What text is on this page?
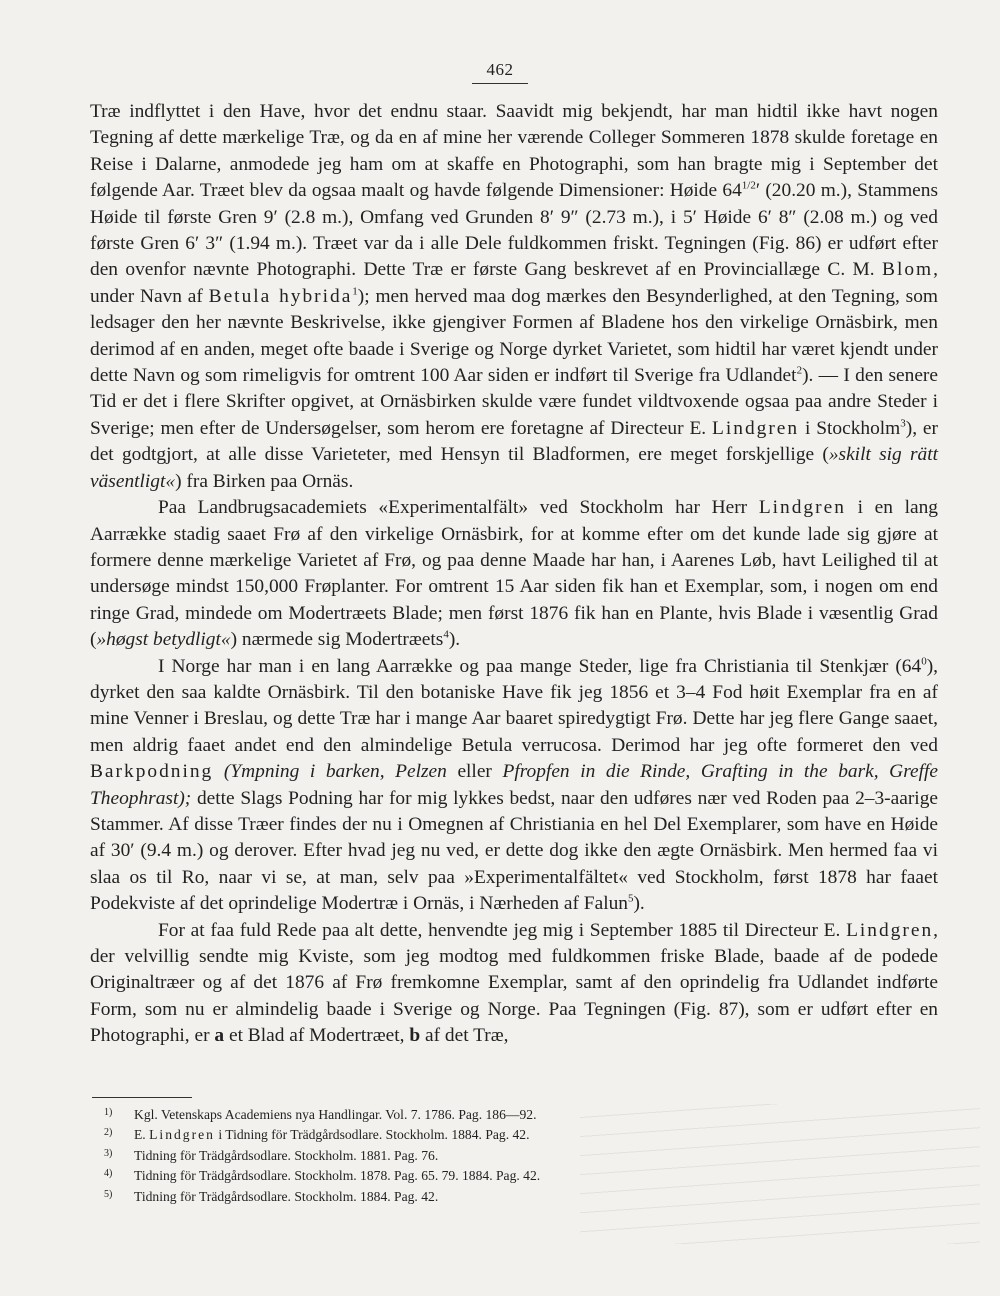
462

Træ indflyttet i den Have, hvor det endnu staar. Saavidt mig bekjendt, har man hidtil ikke havt nogen Tegning af dette mærkelige Træ, og da en af mine her værende Colleger Sommeren 1878 skulde foretage en Reise i Dalarne, anmodede jeg ham om at skaffe en Photographi, som han bragte mig i September det følgende Aar. Træet blev da ogsaa maalt og havde følgende Dimensioner: Høide $64^{1/2}'$ (20.20 m.), Stammens Høide til første Gren 9′ (2.8 m.), Omfang ved Grunden 8′ 9″ (2.73 m.), i 5′ Høide 6′ 8″ (2.08 m.) og ved første Gren 6′ 3″ (1.94 m.). Træet var da i alle Dele fuldkommen friskt. Tegningen (Fig. 86) er udført efter den ovenfor nævnte Photographi. Dette Træ er første Gang beskrevet af en Provinciallæge C. M. Blom, under Navn af Betula hybrida$^1$); men herved maa dog mærkes den Besynderlighed, at den Tegning, som ledsager den her nævnte Beskrivelse, ikke gjengiver Formen af Bladene hos den virkelige Ornäsbirk, men derimod af en anden, meget ofte baade i Sverige og Norge dyrket Varietet, som hidtil har været kjendt under dette Navn og som rimeligvis for omtrent 100 Aar siden er indført til Sverige fra Udlandet$^2$). — I den senere Tid er det i flere Skrifter opgivet, at Ornäsbirken skulde være fundet vildtvoxende ogsaa paa andre Steder i Sverige; men efter de Undersøgelser, som herom ere foretagne af Directeur E. Lindgren i Stockholm$^3$), er det godtgjort, at alle disse Varieteter, med Hensyn til Bladformen, ere meget forskjellige (»skilt sig rätt väsentligt«) fra Birken paa Ornäs.

Paa Landbrugsacademiets «Experimentalfält» ved Stockholm har Herr Lindgren i en lang Aarrække stadig saaet Frø af den virkelige Ornäsbirk, for at komme efter om det kunde lade sig gjøre at formere denne mærkelige Varietet af Frø, og paa denne Maade har han, i Aarenes Løb, havt Leilighed til at undersøge mindst 150,000 Frøplanter. For omtrent 15 Aar siden fik han et Exemplar, som, i nogen om end ringe Grad, mindede om Modertræets Blade; men først 1876 fik han en Plante, hvis Blade i væsentlig Grad (»høgst betydligt«) nærmede sig Modertræets$^4$).

I Norge har man i en lang Aarrække og paa mange Steder, lige fra Christiania til Stenkjær $(64^0)$, dyrket den saa kaldte Ornäsbirk. Til den botaniske Have fik jeg 1856 et 3–4 Fod høit Exemplar fra en af mine Venner i Breslau, og dette Træ har i mange Aar baaret spiredygtigt Frø. Dette har jeg flere Gange saaet, men aldrig faaet andet end den almindelige Betula verrucosa. Derimod har jeg ofte formeret den ved Barkpodning (Ympning i barken, Pelzen eller Pfropfen in die Rinde, Grafting in the bark, Greffe Theophrast); dette Slags Podning har for mig lykkes bedst, naar den udføres nær ved Roden paa 2–3-aarige Stammer. Af disse Træer findes der nu i Omegnen af Christiania en hel Del Exemplarer, som have en Høide af 30′ (9.4 m.) og derover. Efter hvad jeg nu ved, er dette dog ikke den ægte Ornäsbirk. Men hermed faa vi slaa os til Ro, naar vi se, at man, selv paa »Experimentalfältet« ved Stockholm, først 1878 har faaet Podekviste af det oprindelige Modertræ i Ornäs, i Nærheden af Falun$^5$).

For at faa fuld Rede paa alt dette, henvendte jeg mig i September 1885 til Directeur E. Lindgren, der velvillig sendte mig Kviste, som jeg modtog med fuldkommen friske Blade, baade af de podede Originaltræer og af det 1876 af Frø fremkomne Exemplar, samt af den oprindelig fra Udlandet indførte Form, som nu er almindelig baade i Sverige og Norge. Paa Tegningen (Fig. 87), som er udført efter en Photographi, er a et Blad af Modertræet, b af det Træ,

1) Kgl. Vetenskaps Academiens nya Handlingar. Vol. 7. 1786. Pag. 186—92.
2) E. Lindgren i Tidning för Trädgårdsodlare. Stockholm. 1884. Pag. 42.
3) Tidning för Trädgårdsodlare. Stockholm. 1881. Pag. 76.
4) Tidning för Trädgårdsodlare. Stockholm. 1878. Pag. 65. 79. 1884. Pag. 42.
5) Tidning för Trädgårdsodlare. Stockholm. 1884. Pag. 42.
